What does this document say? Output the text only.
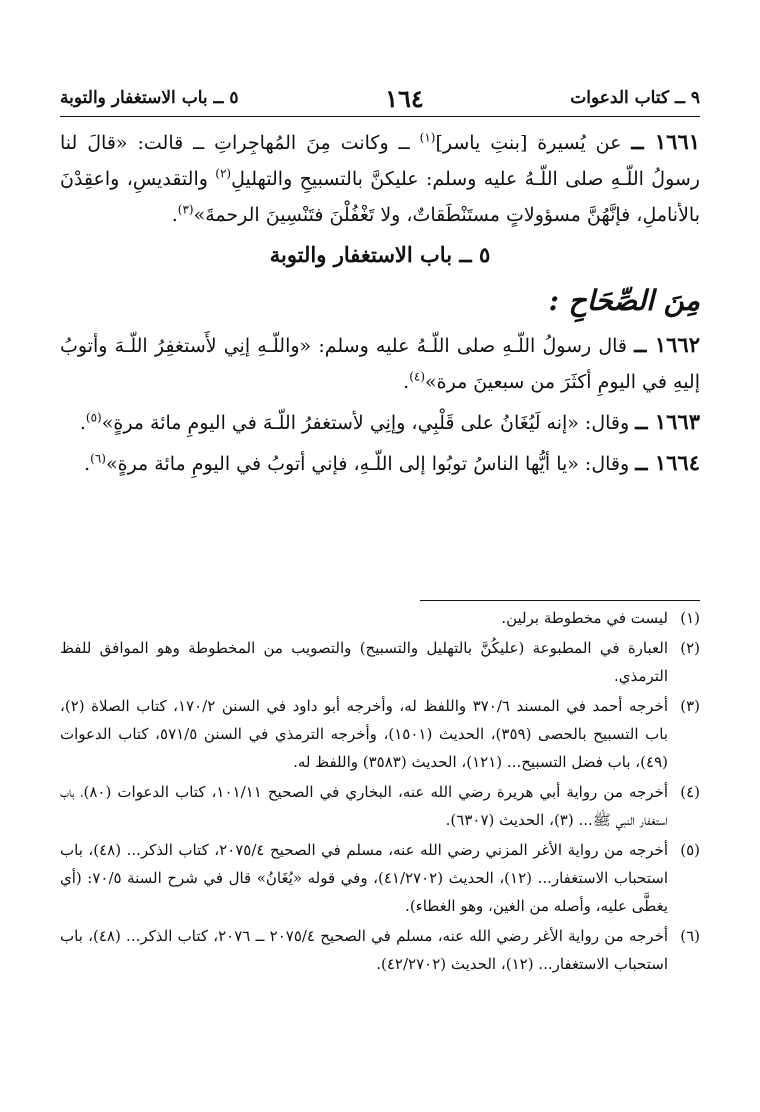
٩ ــ كتاب الدعوات
١٦٤
٥ ــ باب الاستغفار والتوبة

١٦٦١ ــ عن يُسيرة [بنتِ ياسر]$^{(١)}$ ــ وكانت مِنَ المُهاجِراتِ ــ قالت: «قالَ لنا رسولُ اللّـهِ صلى اللّـهُ عليه وسلم: عليكنَّ بالتسبيحِ والتهليلِ$^{(٢)}$ والتقديسِ، واعقِدْنَ بالأناملِ، فإنَّهُنَّ مسؤولاتٍ مستَنْطَقاتٌ، ولا تَغْفُلْنَ فتَنْسِينَ الرحمةَ»$^{(٣)}$.

٥ ــ باب الاستغفار والتوبة

مِنَ الصِّحَاحِ :

١٦٦٢ ــ قال رسولُ اللّـهِ صلى اللّـهُ عليه وسلم: «واللّـهِ إنِي لأَستغفِرُ اللّـهَ وأتوبُ إليهِ في اليومِ أكثَرَ من سبعينَ مرة»$^{(٤)}$.

١٦٦٣ ــ وقال: «إنه لَيُغَانُ على قَلْبِي، وإنِي لأستغفرُ اللّـهَ في اليومِ مائة مرةٍ»$^{(٥)}$.

١٦٦٤ ــ وقال: «يا أيُّها الناسُ توبُوا إلى اللّـهِ، فإني أتوبُ في اليومِ مائة مرةٍ»$^{(٦)}$.

(١)
ليست في مخطوطة برلين.
(٢)
العبارة في المطبوعة (عليكُنَّ بالتهليل والتسبيح) والتصويب من المخطوطة وهو الموافق للفظ الترمذي.
(٣)
أخرجه أحمد في المسند ٣٧٠/٦ واللفظ له، وأخرجه أبو داود في السنن ١٧٠/٢، كتاب الصلاة (٢)، باب التسبيح بالحصى (٣٥٩)، الحديث (١٥٠١)، وأخرجه الترمذي في السنن ٥٧١/٥، كتاب الدعوات (٤٩)، باب فضل التسبيح... (١٢١)، الحديث (٣٥٨٣) واللفظ له.
(٤)
أخرجه من رواية أبي هريرة رضي الله عنه، البخاري في الصحيح ١٠١/١١، كتاب الدعوات (٨٠)، باب استغفار النبي ﷺ... (٣)، الحديث (٦٣٠٧).
(٥)
أخرجه من رواية الأغر المزني رضي الله عنه، مسلم في الصحيح ٢٠٧٥/٤، كتاب الذكر... (٤٨)، باب استحباب الاستغفار... (١٢)، الحديث (٤١/٢٧٠٢)، وفي قوله «يُغَانُ» قال في شرح السنة ٧٠/٥: (أي يغطَّى عليه، وأصله من الغين، وهو الغطاء).
(٦)
أخرجه من رواية الأغر رضي الله عنه، مسلم في الصحيح ٢٠٧٥/٤ ــ ٢٠٧٦، كتاب الذكر... (٤٨)، باب استحباب الاستغفار... (١٢)، الحديث (٤٢/٢٧٠٢).
